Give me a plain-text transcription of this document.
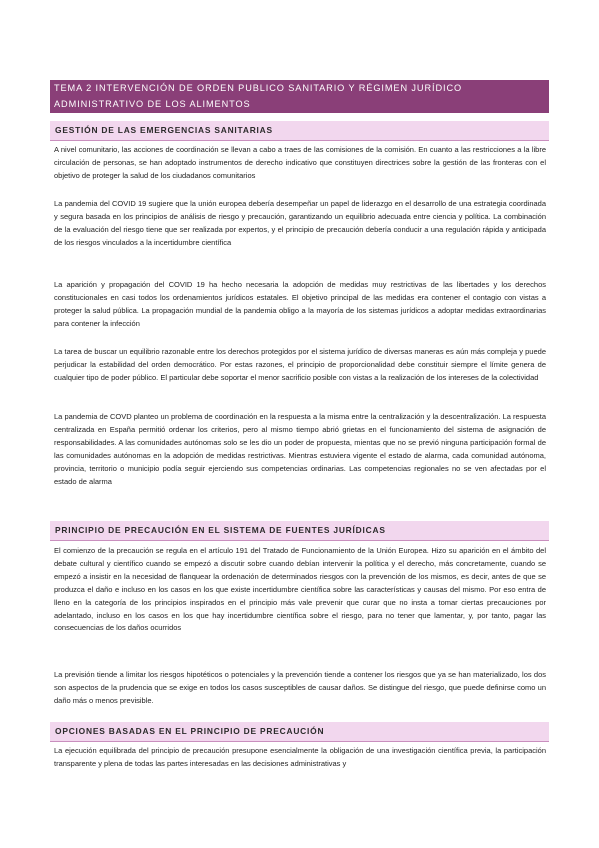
TEMA 2 INTERVENCIÓN DE ORDEN PUBLICO SANITARIO Y RÉGIMEN JURÍDICO
ADMINISTRATIVO DE LOS ALIMENTOS
GESTIÓN DE LAS EMERGENCIAS SANITARIAS

A nivel comunitario, las acciones de coordinación se llevan a cabo a traes de las comisiones de la comisión. En cuanto a las restricciones a la libre circulación de personas, se han adoptado instrumentos de derecho indicativo que constituyen directrices sobre la gestión de las fronteras con el objetivo de proteger la salud de los ciudadanos comunitarios

La pandemia del COVID 19 sugiere que la unión europea debería desempeñar un papel de liderazgo en el desarrollo de una estrategia coordinada y segura basada en los principios de análisis de riesgo y precaución, garantizando un equilibrio adecuada entre ciencia y política. La combinación de la evaluación del riesgo tiene que ser realizada por expertos, y el principio de precaución debería conducir a una regulación rápida y anticipada de los riesgos vinculados a la incertidumbre científica

La aparición y propagación del COVID 19 ha hecho necesaria la adopción de medidas muy restrictivas de las libertades y los derechos constitucionales en casi todos los ordenamientos jurídicos estatales. El objetivo principal de las medidas era contener el contagio con vistas a proteger la salud pública. La propagación mundial de la pandemia obligo a la mayoría de los sistemas jurídicos a adoptar medidas extraordinarias para contener la infección

La tarea de buscar un equilibrio razonable entre los derechos protegidos por el sistema jurídico de diversas maneras es aún más compleja y puede perjudicar la estabilidad del orden democrático. Por estas razones, el principio de proporcionalidad debe constituir siempre el límite genera de cualquier tipo de poder público. El particular debe soportar el menor sacrificio posible con vistas a la realización de los intereses de la colectividad

La pandemia de COVD planteo un problema de coordinación en la respuesta a la misma entre la centralización y la descentralización. La respuesta centralizada en España permitió ordenar los criterios, pero al mismo tiempo abrió grietas en el funcionamiento del sistema de asignación de responsabilidades. A las comunidades autónomas solo se les dio un poder de propuesta, mientas que no se previó ninguna participación formal de las comunidades autónomas en la adopción de medidas restrictivas. Mientras estuviera vigente el estado de alarma, cada comunidad autónoma, provincia, territorio o municipio podía seguir ejerciendo sus competencias ordinarias. Las competencias regionales no se ven afectadas por el estado de alarma

PRINCIPIO DE PRECAUCIÓN EN EL SISTEMA DE FUENTES JURÍDICAS

El comienzo de la precaución se regula en el artículo 191 del Tratado de Funcionamiento de la Unión Europea. Hizo su aparición en el ámbito del debate cultural y científico cuando se empezó a discutir sobre cuando debían intervenir la política y el derecho, más concretamente, cuando se empezó a insistir en la necesidad de flanquear la ordenación de determinados riesgos con la prevención de los mismos, es decir, antes de que se produzca el daño e incluso en los casos en los que existe incertidumbre científica sobre las características y causas del mismo. Por eso entra de lleno en la categoría de los principios inspirados en el principio más vale prevenir que curar que no insta a tomar ciertas precauciones por adelantado, incluso en los casos en los que hay incertidumbre científica sobre el riesgo, para no tener que lamentar, y, por tanto, pagar las consecuencias de los daños ocurridos

La previsión tiende a limitar los riesgos hipotéticos o potenciales y la prevención tiende a contener los riesgos que ya se han materializado, los dos son aspectos de la prudencia que se exige en todos los casos susceptibles de causar daños. Se distingue del riesgo, que puede definirse como un daño más o menos previsible.

OPCIONES BASADAS EN EL PRINCIPIO DE PRECAUCIÓN

La ejecución equilibrada del principio de precaución presupone esencialmente la obligación de una investigación científica previa, la participación transparente y plena de todas las partes interesadas en las decisiones administrativas y
